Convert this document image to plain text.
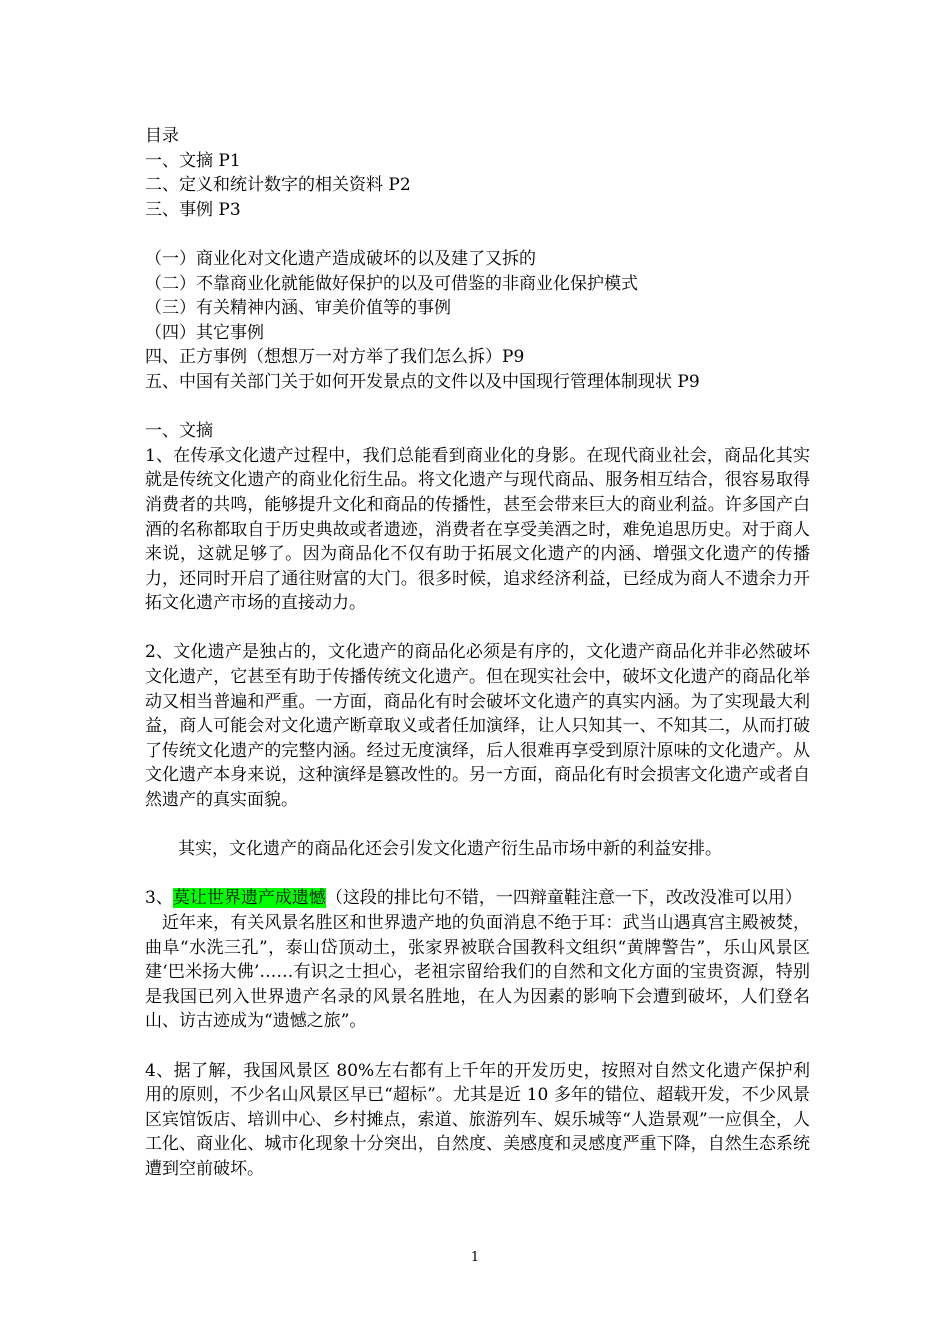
目录
一、文摘 P1
二、定义和统计数字的相关资料 P2
三、事例 P3
（一）商业化对文化遗产造成破坏的以及建了又拆的
（二）不靠商业化就能做好保护的以及可借鉴的非商业化保护模式
（三）有关精神内涵、审美价值等的事例
（四）其它事例
四、正方事例（想想万一对方举了我们怎么拆）P9
五、中国有关部门关于如何开发景点的文件以及中国现行管理体制现状 P9
一、文摘
1、在传承文化遗产过程中，我们总能看到商业化的身影。在现代商业社会，商品化其实就是传统文化遗产的商业化衍生品。将文化遗产与现代商品、服务相互结合，很容易取得消费者的共鸣，能够提升文化和商品的传播性，甚至会带来巨大的商业利益。许多国产白酒的名称都取自于历史典故或者遗迹，消费者在享受美酒之时，难免追思历史。对于商人来说，这就足够了。因为商品化不仅有助于拓展文化遗产的内涵、增强文化遗产的传播力，还同时开启了通往财富的大门。很多时候，追求经济利益，已经成为商人不遗余力开拓文化遗产市场的直接动力。
2、文化遗产是独占的，文化遗产的商品化必须是有序的，文化遗产商品化并非必然破坏文化遗产，它甚至有助于传播传统文化遗产。但在现实社会中，破坏文化遗产的商品化举动又相当普遍和严重。一方面，商品化有时会破坏文化遗产的真实内涵。为了实现最大利益，商人可能会对文化遗产断章取义或者任加演绎，让人只知其一、不知其二，从而打破了传统文化遗产的完整内涵。经过无度演绎，后人很难再享受到原汁原味的文化遗产。从文化遗产本身来说，这种演绎是篡改性的。另一方面，商品化有时会损害文化遗产或者自然遗产的真实面貌。
其实，文化遗产的商品化还会引发文化遗产衍生品市场中新的利益安排。
3、莫让世界遗产成遗憾（这段的排比句不错，一四辩童鞋注意一下，改改没准可以用）
近年来，有关风景名胜区和世界遗产地的负面消息不绝于耳：武当山遇真宫主殿被焚，曲阜“水洗三孔”，泰山岱顶动土，张家界被联合国教科文组织“黄牌警告”，乐山风景区建‘巴米扬大佛’……有识之士担心，老祖宗留给我们的自然和文化方面的宝贵资源，特别是我国已列入世界遗产名录的风景名胜地，在人为因素的影响下会遭到破坏，人们登名山、访古迹成为“遗憾之旅”。
4、据了解，我国风景区 80%左右都有上千年的开发历史，按照对自然文化遗产保护利用的原则，不少名山风景区早已“超标”。尤其是近 10 多年的错位、超载开发，不少风景区宾馆饭店、培训中心、乡村摊点，索道、旅游列车、娱乐城等“人造景观”一应俱全，人工化、商业化、城市化现象十分突出，自然度、美感度和灵感度严重下降，自然生态系统遭到空前破坏。
1
